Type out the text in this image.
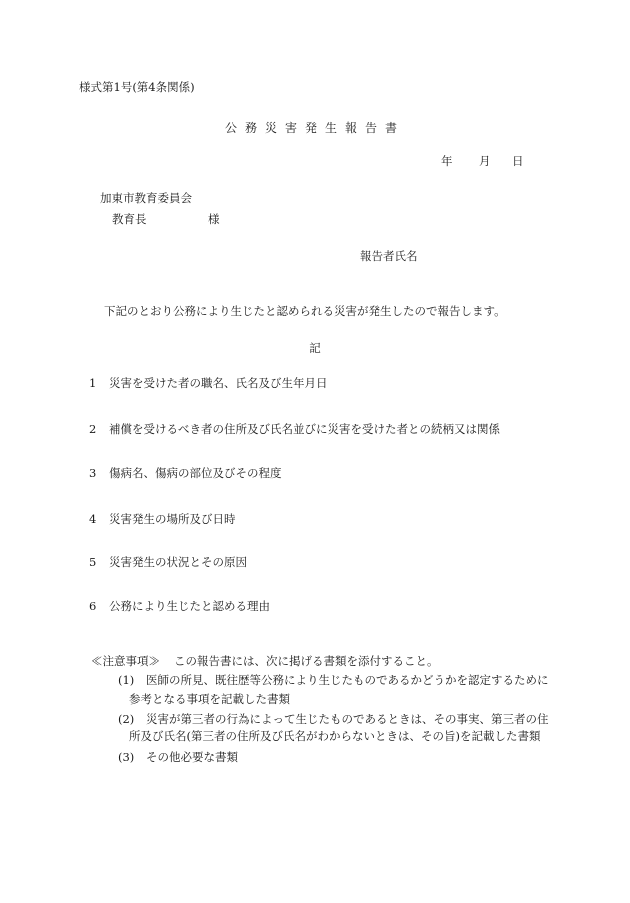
様式第1号(第4条関係)
公務災害発生報告書
年 月 日
加東市教育委員会
教育長	様
報告者氏名
下記のとおり公務により生じたと認められる災害が発生したので報告します。
記
1 災害を受けた者の職名、氏名及び生年月日
2 補償を受けるべき者の住所及び氏名並びに災害を受けた者との続柄又は関係
3 傷病名、傷病の部位及びその程度
4 災害発生の場所及び日時
5 災害発生の状況とその原因
6 公務により生じたと認める理由
≪注意事項≫ この報告書には、次に掲げる書類を添付すること。
(1) 医師の所見、既往歴等公務により生じたものであるかどうかを認定するために
参考となる事項を記載した書類
(2) 災害が第三者の行為によって生じたものであるときは、その事実、第三者の住
所及び氏名(第三者の住所及び氏名がわからないときは、その旨)を記載した書類
(3) その他必要な書類
